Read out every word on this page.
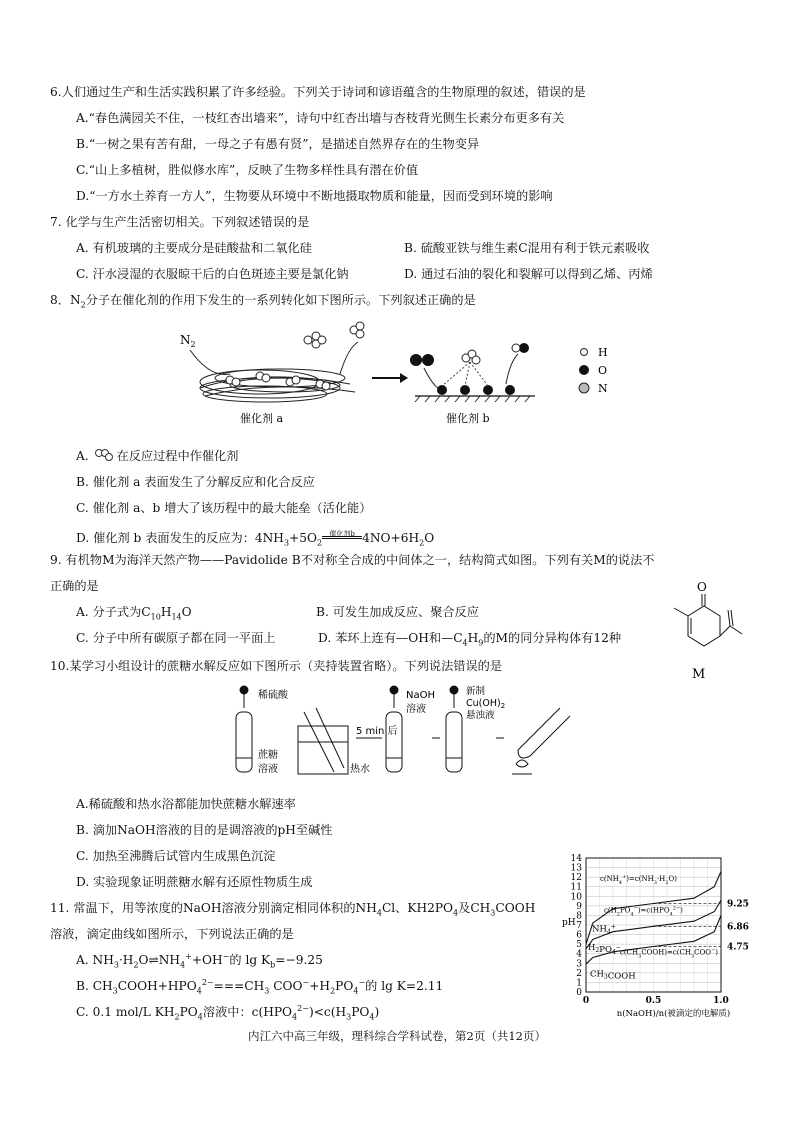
6.人们通过生产和生活实践积累了许多经验。下列关于诗词和谚语蕴含的生物原理的叙述，错误的是
A.“春色满园关不住，一枝红杏出墙来”，诗句中红杏出墙与杏枝背光侧生长素分布更多有关
B.“一树之果有苦有甜，一母之子有愚有贤”，是描述自然界存在的生物变异
C.“山上多植树，胜似修水库”，反映了生物多样性具有潜在价值
D.“一方水土养育一方人”，生物要从环境中不断地摄取物质和能量，因而受到环境的影响
7. 化学与生产生活密切相关。下列叙述错误的是
A. 有机玻璃的主要成分是硅酸盐和二氧化硅	B. 硫酸亚铁与维生素C混用有利于铁元素吸收
C. 汗水浸湿的衣服晾干后的白色斑迹主要是氯化钠	D. 通过石油的裂化和裂解可以得到乙烯、丙烯
8．$N_2$分子在催化剂的作用下发生的一系列转化如下图所示。下列叙述正确的是
$N_2$
催化剂 a	催化剂 b
H
O
N
A. 在反应过程中作催化剂
B. 催化剂 a 表面发生了分解反应和化合反应
C. 催化剂 a、b 增大了该历程中的最大能垒（活化能）
D. 催化剂 b 表面发生的反应为：$4NH_3+5O_2$催化剂b $4NO+6H_2O$
9. 有机物M为海洋天然产物——Pavidolide B不对称全合成的中间体之一，结构简式如图。下列有关M的说法不
正确的是
A. 分子式为$C_{10}H_{14}O$	B. 可发生加成反应、聚合反应
C. 分子中所有碳原子都在同一平面上	D. 苯环上连有—OH和$—C_4H_9$的M的同分异构体有12种
O
M
10.某学习小组设计的蔗糖水解反应如下图所示（夹持装置省略）。下列说法错误的是
稀硫酸
蔗糖
溶液	热水
5 min 后
NaOH
溶液
新制
$Cu(OH)_2$
悬浊液
A.稀硫酸和热水浴都能加快蔗糖水解速率
B. 滴加NaOH溶液的目的是调溶液的pH至碱性
C. 加热至沸腾后试管内生成黑色沉淀
D. 实验现象证明蔗糖水解有还原性物质生成
11. 常温下，用等浓度的NaOH溶液分别滴定相同体积的$NH_4Cl$、$KH2PO_4$及$CH_3COOH$
溶液，滴定曲线如图所示，下列说法正确的是
A. $NH_3\cdot H_2O\rightleftharpoons NH_4^++OH^-$的 $\lg K_b=-9.25$
B. $CH_3COOH+HPO_4^{2-}===CH_3$ $COO^-+H_2PO_4^-$的 lg K=2.11
C. 0.1 mol/L $KH_2PO_4$溶液中：$c(HPO_4^{2-})<c(H_3PO_4)$
0
1
2
3
4
5
6
7
8
9
10
11
12
13
14
0	0.5	1.0
pH
n(NaOH)/n(被滴定的电解质)
9.25
6.86
4.75
$NH_4^+$
$H_2PO_4^-$
$CH_3COOH$
$c(NH_4^+)=c(NH_3\cdot H_2O)$
$c(H_2PO_4^-)=c(HPO_4^{2-})$
$c(CH_3COOH)=c(CH_3COO^-)$
内江六中高三年级，理科综合学科试卷，第2页（共12页）
